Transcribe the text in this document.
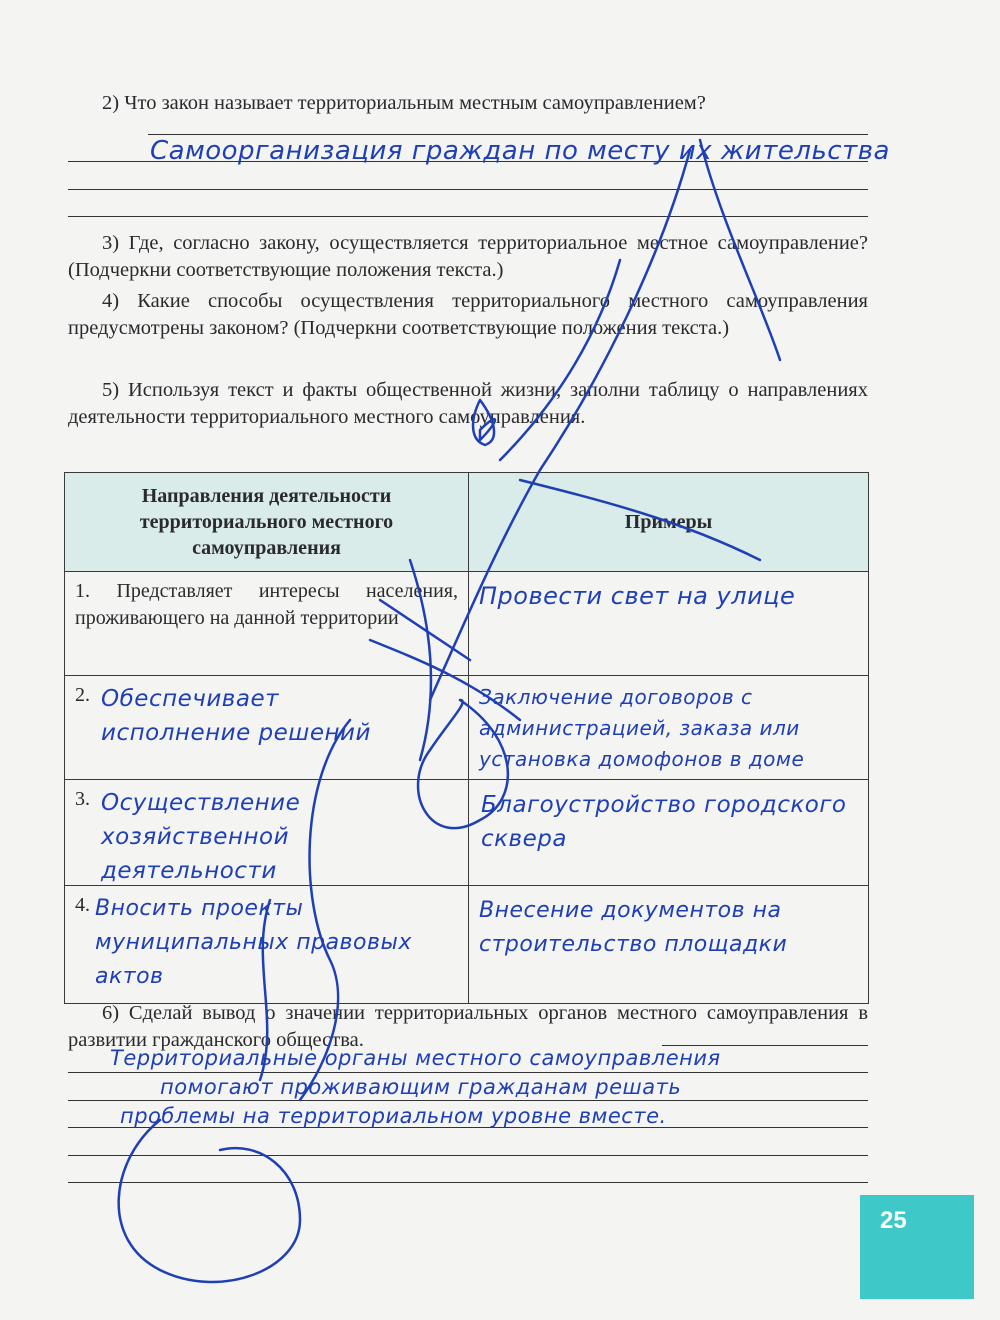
2) Что закон называет территориальным местным самоуправлением?
Самоорганизация граждан по месту их жительства
3) Где, согласно закону, осуществляется территориальное местное самоуправление? (Подчеркни соответствующие положения текста.)
4) Какие способы осуществления территориального местного самоуправления предусмотрены законом? (Подчеркни соответствующие положения текста.)
5) Используя текст и факты общественной жизни, заполни таблицу о направлениях деятельности территориального местного самоуправления.
Направления деятельности территориального местного самоуправления	Примеры

1. Представляет интересы населения, проживающего на данной территории	Провести свет на улице

2. Обеспечивает исполнение решений	Заключение договоров с администрацией, заказа или установка домофонов в доме

3. Осуществление хозяйственной деятельности	Благоустройство городского сквера

4. Вносить проекты муниципальных правовых актов	Внесение документов на строительство площадки
6) Сделай вывод о значении территориальных органов местного самоуправления в развитии гражданского общества.
Территориальные органы местного самоуправления
помогают проживающим гражданам решать
проблемы на территориальном уровне вместе.
25
